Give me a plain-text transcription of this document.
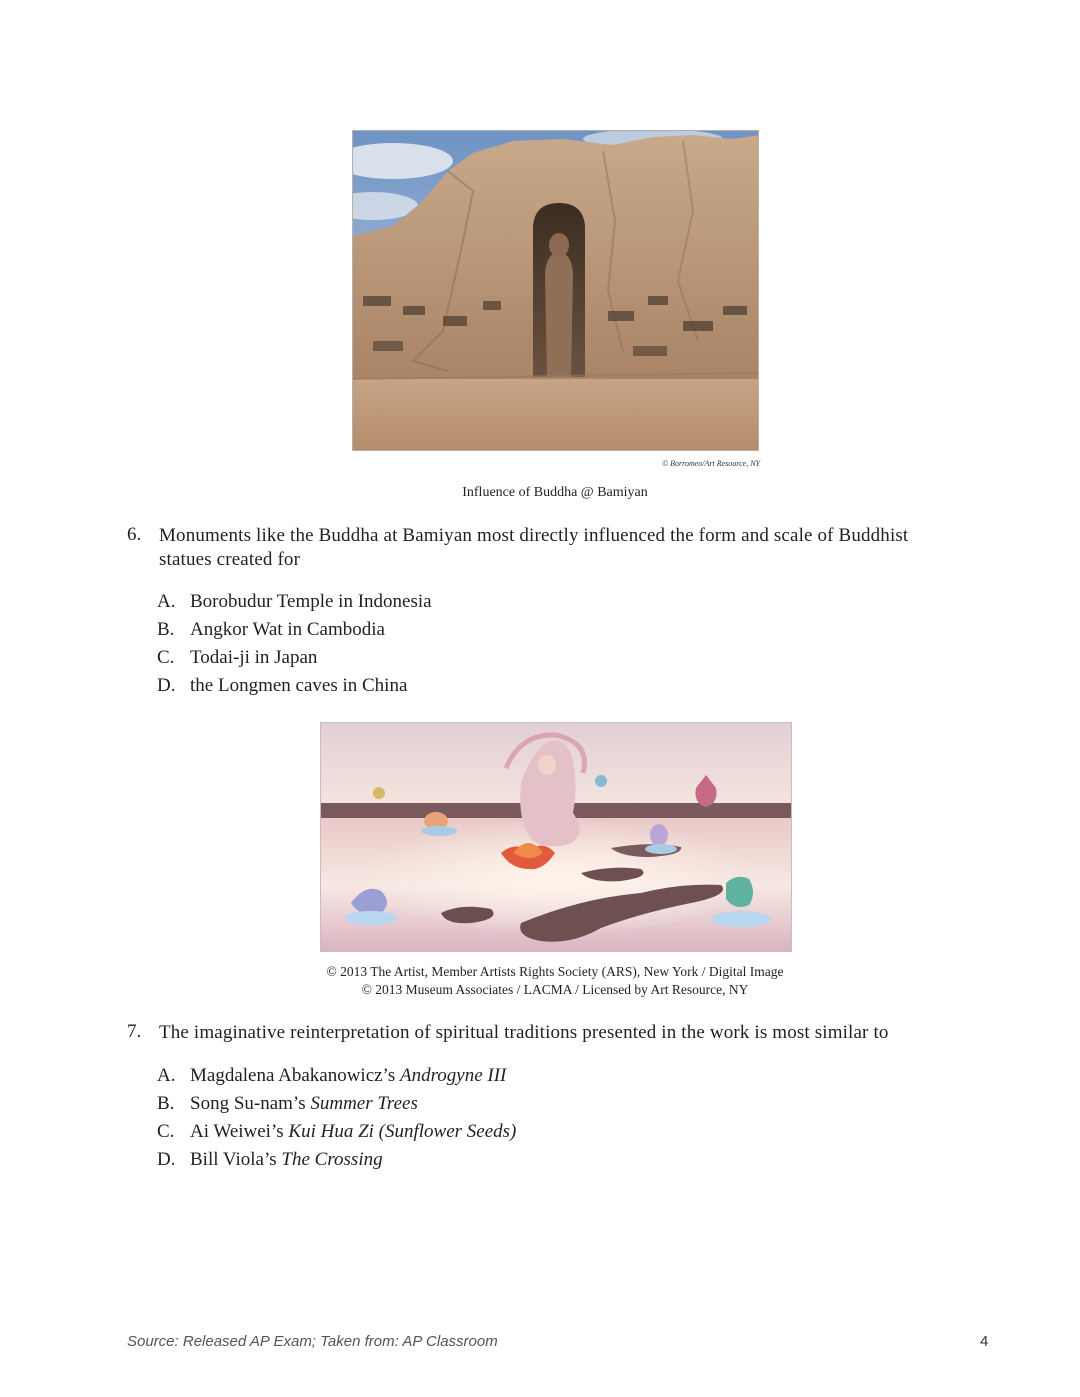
© Borromeo/Art Resource, NY
Influence of Buddha @ Bamiyan
6. Monuments like the Buddha at Bamiyan most directly influenced the form and scale of Buddhist
statues created for
A. Borobudur Temple in Indonesia
B. Angkor Wat in Cambodia
C. Todai-ji in Japan
D. the Longmen caves in China
© 2013 The Artist, Member Artists Rights Society (ARS), New York / Digital Image
© 2013 Museum Associates / LACMA / Licensed by Art Resource, NY
7. The imaginative reinterpretation of spiritual traditions presented in the work is most similar to
A. Magdalena Abakanowicz’s Androgyne III
B. Song Su-nam’s Summer Trees
C. Ai Weiwei’s Kui Hua Zi (Sunflower Seeds)
D. Bill Viola’s The Crossing
Source: Released AP Exam; Taken from: AP Classroom	4
